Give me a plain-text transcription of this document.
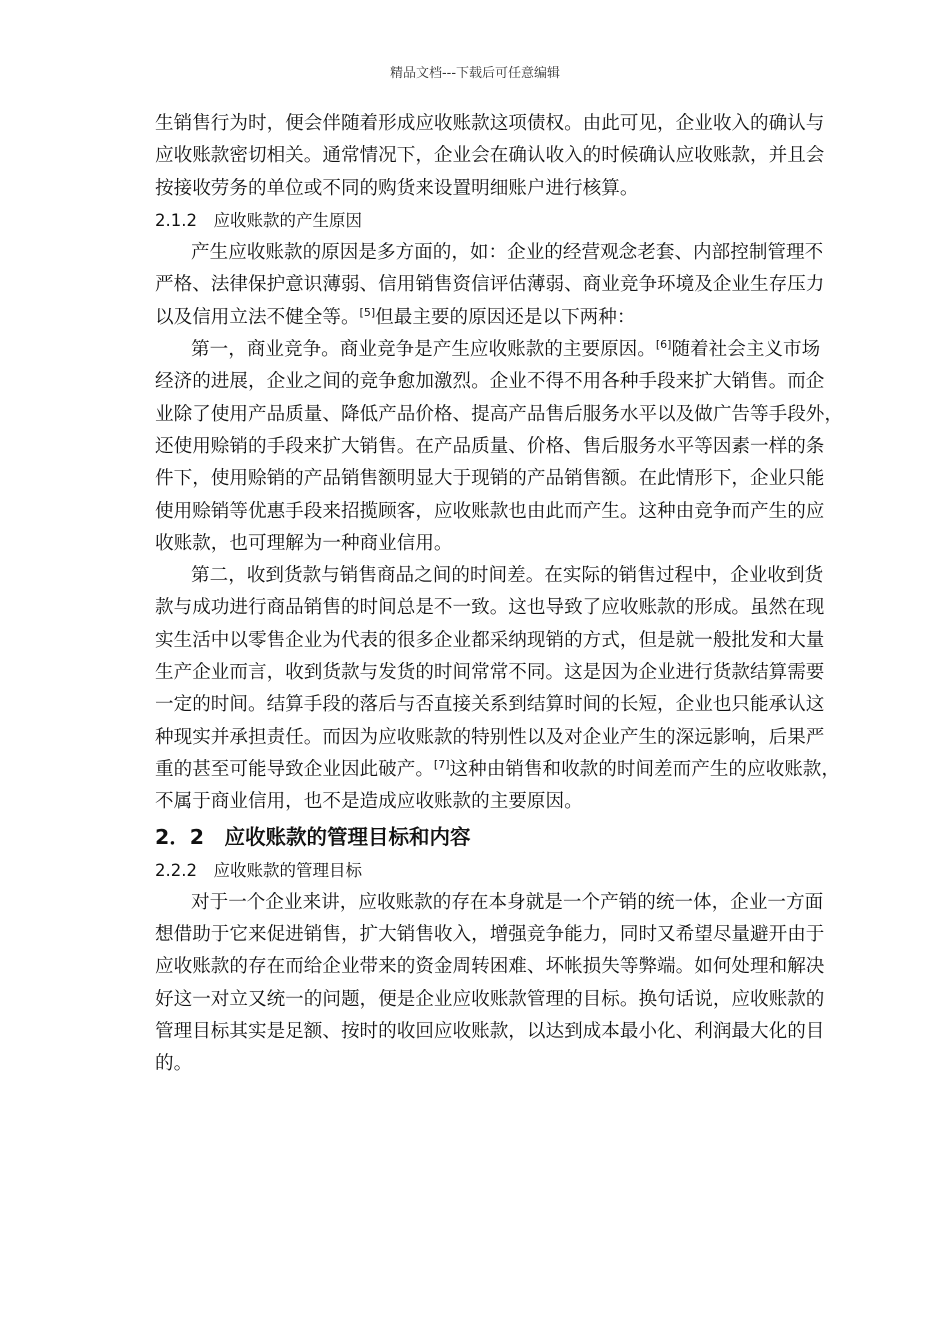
精品文档---下载后可任意编辑
生销售行为时，便会伴随着形成应收账款这项债权。由此可见，企业收入的确认与
应收账款密切相关。通常情况下，企业会在确认收入的时候确认应收账款，并且会
按接收劳务的单位或不同的购货来设置明细账户进行核算。
2.1.2　应收账款的产生原因
产生应收账款的原因是多方面的，如：企业的经营观念老套、内部控制管理不
严格、法律保护意识薄弱、信用销售资信评估薄弱、商业竞争环境及企业生存压力
以及信用立法不健全等。[5]但最主要的原因还是以下两种：
第一，商业竞争。商业竞争是产生应收账款的主要原因。[6]随着社会主义市场
经济的进展，企业之间的竞争愈加激烈。企业不得不用各种手段来扩大销售。而企
业除了使用产品质量、降低产品价格、提高产品售后服务水平以及做广告等手段外，
还使用赊销的手段来扩大销售。在产品质量、价格、售后服务水平等因素一样的条
件下，使用赊销的产品销售额明显大于现销的产品销售额。在此情形下，企业只能
使用赊销等优惠手段来招揽顾客，应收账款也由此而产生。这种由竞争而产生的应
收账款，也可理解为一种商业信用。
第二，收到货款与销售商品之间的时间差。在实际的销售过程中，企业收到货
款与成功进行商品销售的时间总是不一致。这也导致了应收账款的形成。虽然在现
实生活中以零售企业为代表的很多企业都采纳现销的方式，但是就一般批发和大量
生产企业而言，收到货款与发货的时间常常不同。这是因为企业进行货款结算需要
一定的时间。结算手段的落后与否直接关系到结算时间的长短，企业也只能承认这
种现实并承担责任。而因为应收账款的特别性以及对企业产生的深远影响，后果严
重的甚至可能导致企业因此破产。[7]这种由销售和收款的时间差而产生的应收账款，
不属于商业信用，也不是造成应收账款的主要原因。
2．2　应收账款的管理目标和内容
2.2.2　应收账款的管理目标
对于一个企业来讲，应收账款的存在本身就是一个产销的统一体，企业一方面
想借助于它来促进销售，扩大销售收入，增强竞争能力，同时又希望尽量避开由于
应收账款的存在而给企业带来的资金周转困难、坏帐损失等弊端。如何处理和解决
好这一对立又统一的问题，便是企业应收账款管理的目标。换句话说，应收账款的
管理目标其实是足额、按时的收回应收账款，以达到成本最小化、利润最大化的目
的。
